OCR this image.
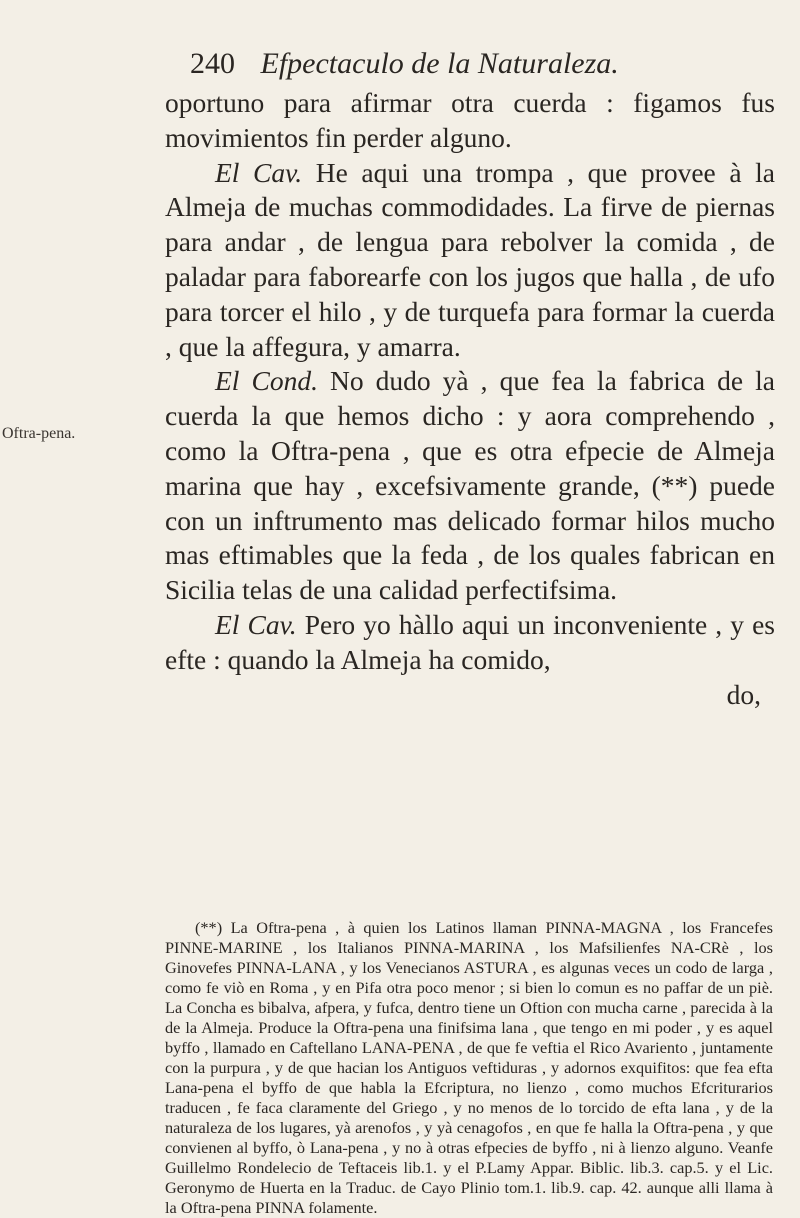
240 Efpectaculo de la Naturaleza.
Oftra-pena.

oportuno para afirmar otra cuerda : figamos fus movimientos fin perder alguno.

El Cav. He aqui una trompa , que provee à la Almeja de muchas commodidades. La firve de piernas para andar , de lengua para rebolver la comida , de paladar para faborearfe con los jugos que halla , de ufo para torcer el hilo , y de turquefa para formar la cuerda , que la affegura, y amarra.

El Cond. No dudo yà , que fea la fabrica de la cuerda la que hemos dicho : y aora comprehendo , como la Oftra-pena , que es otra efpecie de Almeja marina que hay , excefsivamente grande, (**) puede con un inftrumento mas delicado formar hilos mucho mas eftimables que la feda , de los quales fabrican en Sicilia telas de una calidad perfectifsima.

El Cav. Pero yo hàllo aqui un inconveniente , y es efte : quando la Almeja ha comido,

do,
(**) La Oftra-pena , à quien los Latinos llaman PINNA-MAGNA , los Francefes PINNE-MARINE , los Italianos PINNA-MARINA , los Mafsilienfes NA-CRè , los Ginovefes PINNA-LANA , y los Venecianos ASTURA , es algunas veces un codo de larga , como fe viò en Roma , y en Pifa otra poco menor ; si bien lo comun es no paffar de un piè. La Concha es bibalva, afpera, y fufca, dentro tiene un Oftion con mucha carne , parecida à la de la Almeja. Produce la Oftra-pena una finifsima lana , que tengo en mi poder , y es aquel byffo , llamado en Caftellano LANA-PENA , de que fe veftia el Rico Avariento , juntamente con la purpura , y de que hacian los Antiguos veftiduras , y adornos exquifitos: que fea efta Lana-pena el byffo de que habla la Efcriptura, no lienzo , como muchos Efcriturarios traducen , fe faca claramente del Griego , y no menos de lo torcido de efta lana , y de la naturaleza de los lugares, yà arenofos , y yà cenagofos , en que fe halla la Oftra-pena , y que convienen al byffo, ò Lana-pena , y no à otras efpecies de byffo , ni à lienzo alguno. Veanfe Guillelmo Rondelecio de Teftaceis lib.1. y el P.Lamy Appar. Biblic. lib.3. cap.5. y el Lic. Geronymo de Huerta en la Traduc. de Cayo Plinio tom.1. lib.9. cap. 42. aunque alli llama à la Oftra-pena PINNA folamente.
